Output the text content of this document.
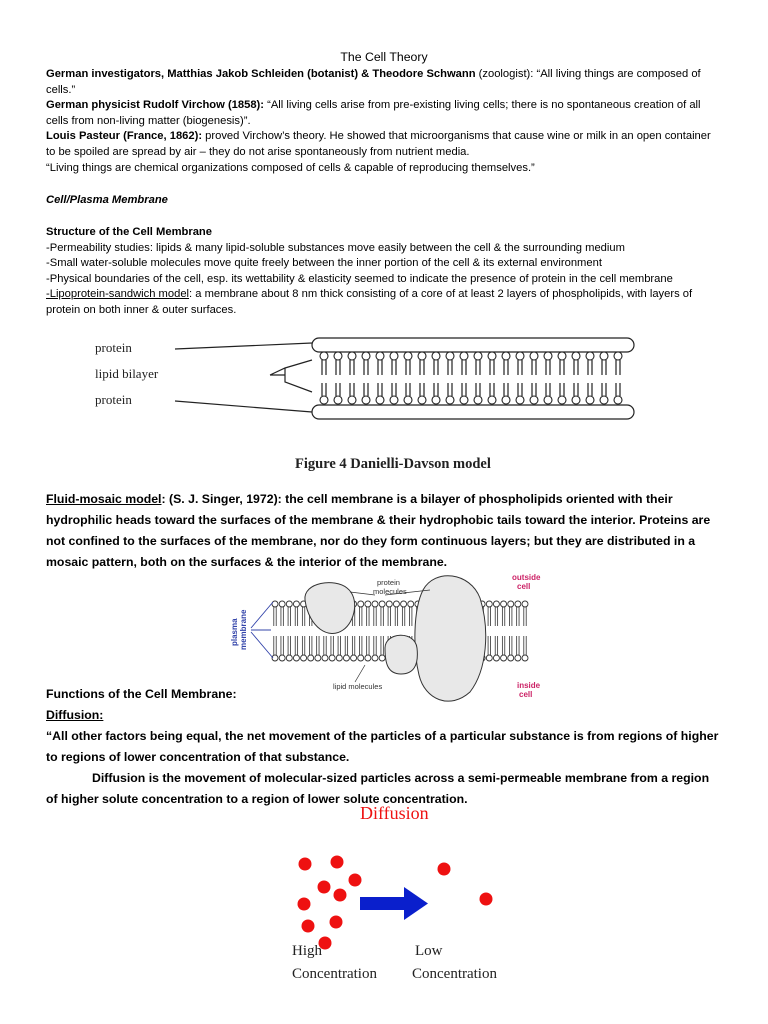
The Cell Theory

German investigators, Matthias Jakob Schleiden (botanist) & Theodore Schwann (zoologist): “All living things are composed of cells.”

German physicist Rudolf Virchow (1858): “All living cells arise from pre-existing living cells; there is no spontaneous creation of all cells from non-living matter (biogenesis)”.

Louis Pasteur (France, 1862): proved Virchow’s theory. He showed that microorganisms that cause wine or milk in an open container to be spoiled are spread by air – they do not arise spontaneously from nutrient media.

“Living things are chemical organizations composed of cells & capable of reproducing themselves.”

Cell/Plasma Membrane

Structure of the Cell Membrane

-Permeability studies: lipids & many lipid-soluble substances move easily between the cell & the surrounding medium

-Small water-soluble molecules move quite freely between the inner portion of the cell & its external environment

-Physical boundaries of the cell, esp. its wettability & elasticity seemed to indicate the presence of protein in the cell membrane

-Lipoprotein-sandwich model: a membrane about 8 nm thick consisting of a core of at least 2 layers of phospholipids, with layers of protein on both inner & outer surfaces.

protein
lipid bilayer
protein
Figure 4 Danielli-Davson model
Fluid-mosaic model: (S. J. Singer, 1972): the cell membrane is a bilayer of phospholipids oriented with their hydrophilic heads toward the surfaces of the membrane & their hydrophobic tails toward the interior. Proteins are not confined to the surfaces of the membrane, nor do they form continuous layers; but they are distributed in a mosaic pattern, both on the surfaces & the interior of the membrane.
protein
molecules
lipid molecules
outside
cell
inside
cell
plasma membrane

Functions of the Cell Membrane:

Diffusion:

“All other factors being equal, the net movement of the particles of a particular substance is from regions of higher to regions of lower concentration of that substance.

Diffusion is the movement of molecular-sized particles across a semi-permeable membrane from a region of higher solute concentration to a region of lower solute concentration.

Diffusion
High
Concentration
Low
Concentration
